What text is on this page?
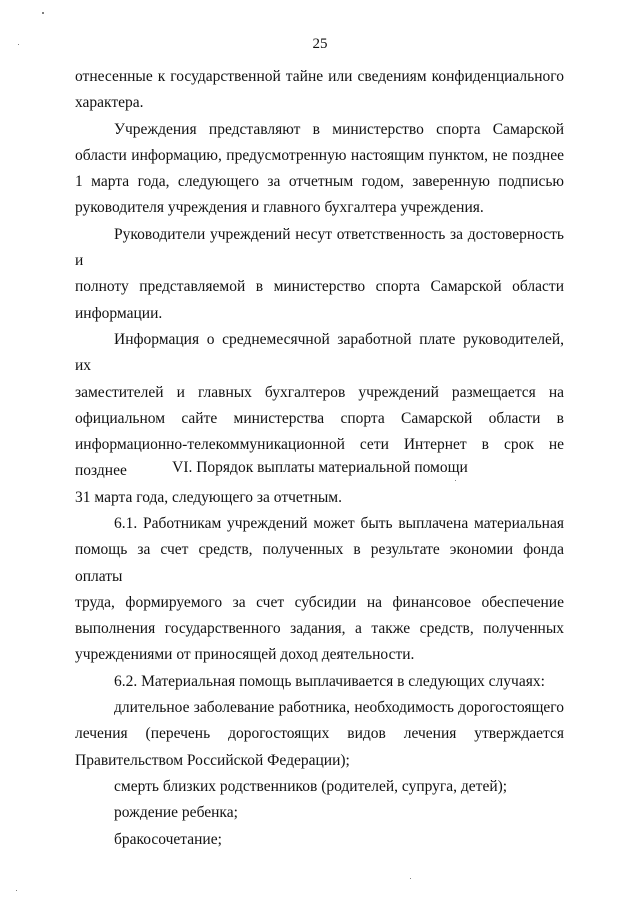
25
отнесенные к государственной тайне или сведениям конфиденциального
характера.
Учреждения представляют в министерство спорта Самарской
области информацию, предусмотренную настоящим пунктом, не позднее
1 марта года, следующего за отчетным годом, заверенную подписью
руководителя учреждения и главного бухгалтера учреждения.
Руководители учреждений несут ответственность за достоверность и
полноту представляемой в министерство спорта Самарской области
информации.
Информация о среднемесячной заработной плате руководителей, их
заместителей и главных бухгалтеров учреждений размещается на
официальном сайте министерства спорта Самарской области в
информационно-телекоммуникационной сети Интернет в срок не позднее
31 марта года, следующего за отчетным.
VI. Порядок выплаты материальной помощи
6.1. Работникам учреждений может быть выплачена материальная
помощь за счет средств, полученных в результате экономии фонда оплаты
труда, формируемого за счет субсидии на финансовое обеспечение
выполнения государственного задания, а также средств, полученных
учреждениями от приносящей доход деятельности.
6.2. Материальная помощь выплачивается в следующих случаях:
длительное заболевание работника, необходимость дорогостоящего
лечения (перечень дорогостоящих видов лечения утверждается
Правительством Российской Федерации);
смерть близких родственников (родителей, супруга, детей);
рождение ребенка;
бракосочетание;
